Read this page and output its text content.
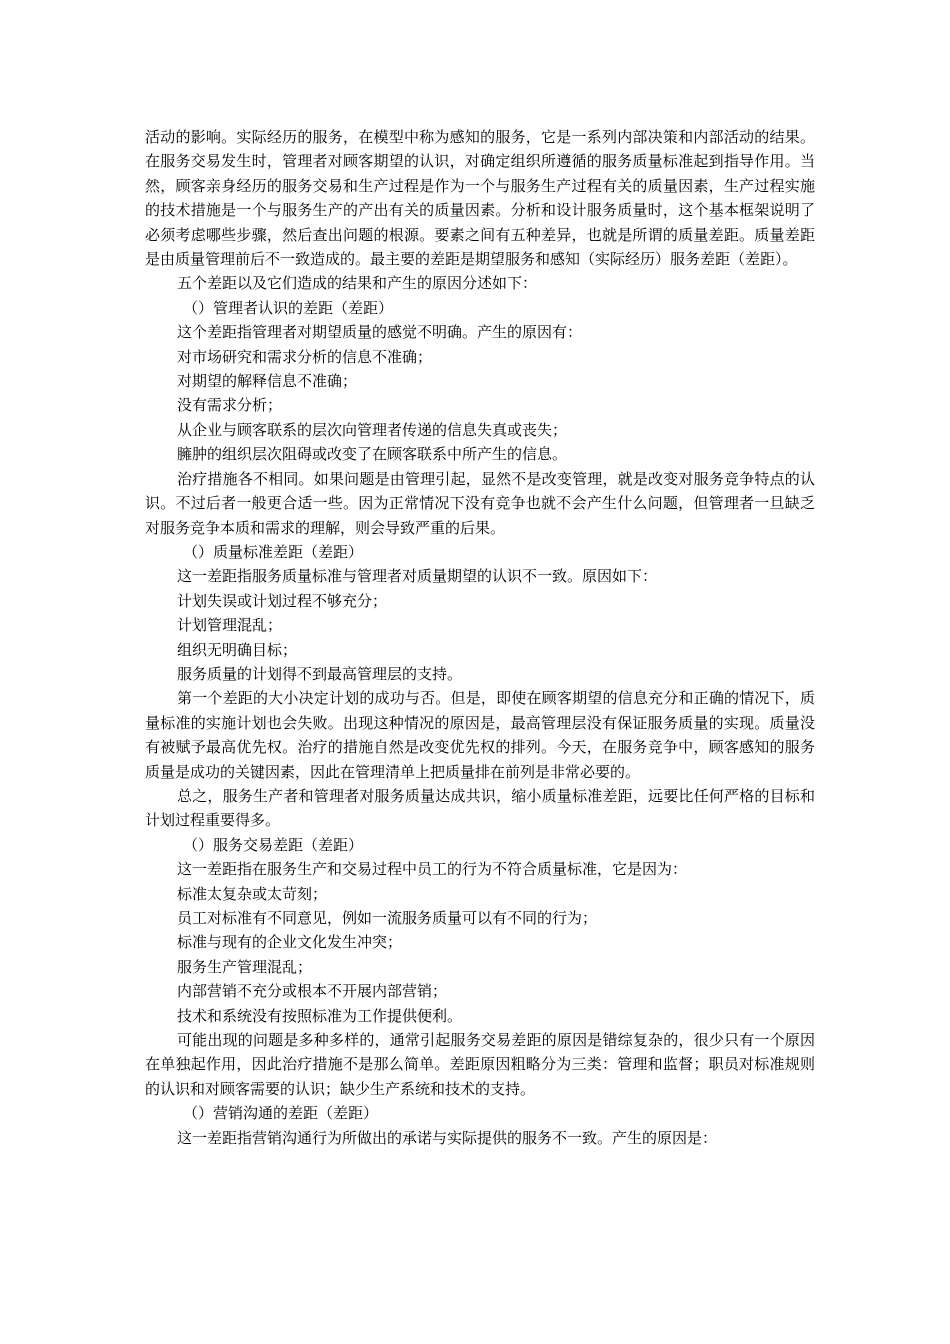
活动的影响。实际经历的服务，在模型中称为感知的服务，它是一系列内部决策和内部活动的结果。在服务交易发生时，管理者对顾客期望的认识，对确定组织所遵循的服务质量标准起到指导作用。当然，顾客亲身经历的服务交易和生产过程是作为一个与服务生产过程有关的质量因素，生产过程实施的技术措施是一个与服务生产的产出有关的质量因素。分析和设计服务质量时，这个基本框架说明了必须考虑哪些步骤，然后查出问题的根源。要素之间有五种差异，也就是所谓的质量差距。质量差距是由质量管理前后不一致造成的。最主要的差距是期望服务和感知（实际经历）服务差距（差距）。

五个差距以及它们造成的结果和产生的原因分述如下：

（）管理者认识的差距（差距）

这个差距指管理者对期望质量的感觉不明确。产生的原因有：

对市场研究和需求分析的信息不准确；

对期望的解释信息不准确；

没有需求分析；

从企业与顾客联系的层次向管理者传递的信息失真或丧失；

臃肿的组织层次阻碍或改变了在顾客联系中所产生的信息。

治疗措施各不相同。如果问题是由管理引起，显然不是改变管理，就是改变对服务竞争特点的认识。不过后者一般更合适一些。因为正常情况下没有竞争也就不会产生什么问题，但管理者一旦缺乏对服务竞争本质和需求的理解，则会导致严重的后果。

（）质量标准差距（差距）

这一差距指服务质量标准与管理者对质量期望的认识不一致。原因如下：

计划失误或计划过程不够充分；

计划管理混乱；

组织无明确目标；

服务质量的计划得不到最高管理层的支持。

第一个差距的大小决定计划的成功与否。但是，即使在顾客期望的信息充分和正确的情况下，质量标准的实施计划也会失败。出现这种情况的原因是，最高管理层没有保证服务质量的实现。质量没有被赋予最高优先权。治疗的措施自然是改变优先权的排列。今天，在服务竞争中，顾客感知的服务质量是成功的关键因素，因此在管理清单上把质量排在前列是非常必要的。

总之，服务生产者和管理者对服务质量达成共识，缩小质量标准差距，远要比任何严格的目标和计划过程重要得多。

（）服务交易差距（差距）

这一差距指在服务生产和交易过程中员工的行为不符合质量标准，它是因为：

标准太复杂或太苛刻；

员工对标准有不同意见，例如一流服务质量可以有不同的行为；

标准与现有的企业文化发生冲突；

服务生产管理混乱；

内部营销不充分或根本不开展内部营销；

技术和系统没有按照标准为工作提供便利。

可能出现的问题是多种多样的，通常引起服务交易差距的原因是错综复杂的，很少只有一个原因在单独起作用，因此治疗措施不是那么简单。差距原因粗略分为三类：管理和监督；职员对标准规则的认识和对顾客需要的认识；缺少生产系统和技术的支持。

（）营销沟通的差距（差距）

这一差距指营销沟通行为所做出的承诺与实际提供的服务不一致。产生的原因是：
